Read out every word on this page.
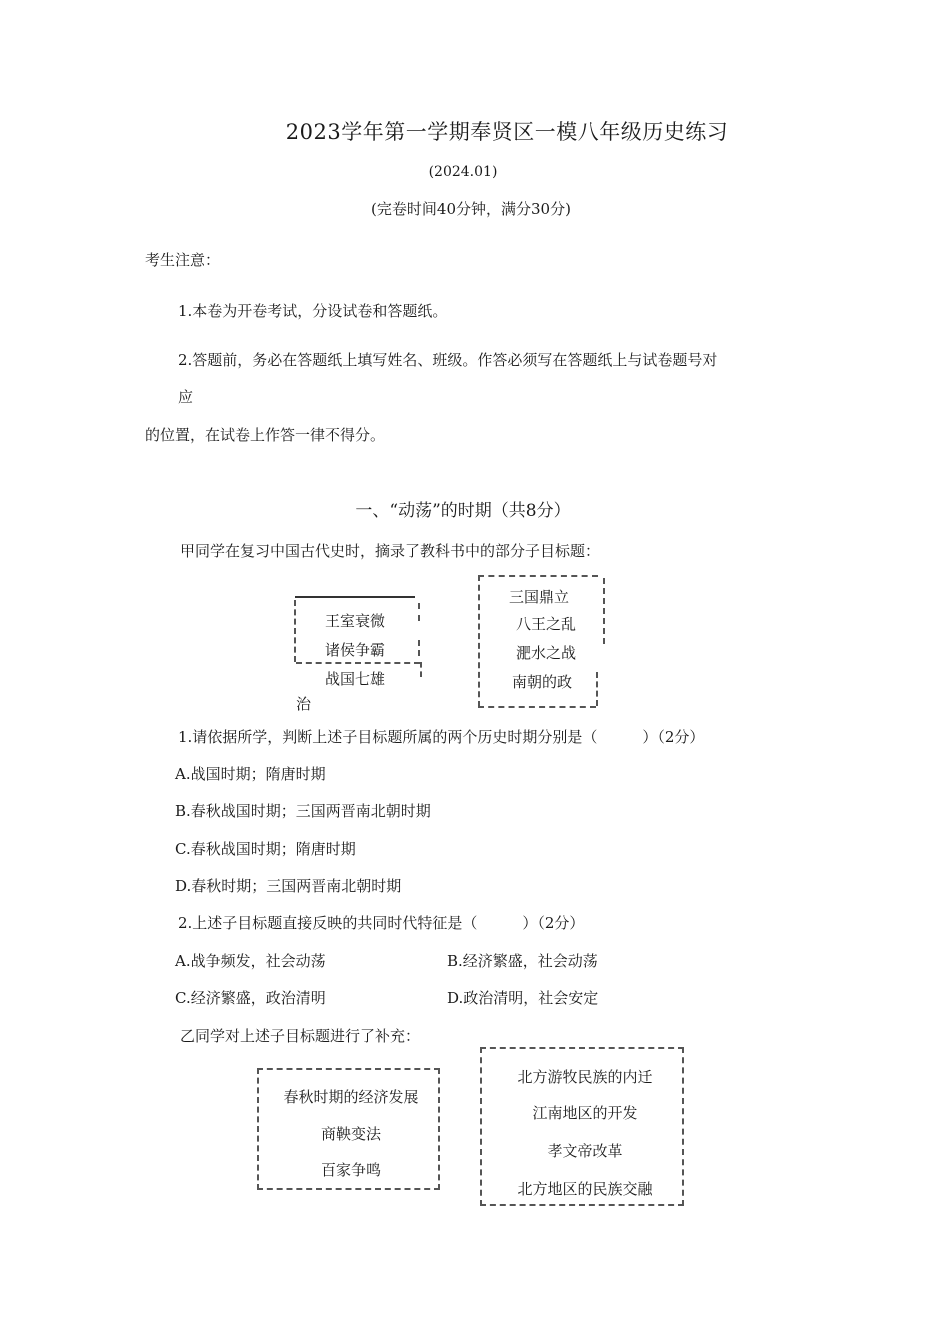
2023学年第一学期奉贤区一模八年级历史练习
(2024.01)
(完卷时间40分钟，满分30分)
考生注意：
1.本卷为开卷考试，分设试卷和答题纸。
2.答题前，务必在答题纸上填写姓名、班级。作答必须写在答题纸上与试卷题号对
应
的位置，在试卷上作答一律不得分。
一、“动荡”的时期（共8分）
甲同学在复习中国古代史时，摘录了教科书中的部分子目标题：
王室衰微
诸侯争霸
战国七雄
治
三国鼎立
八王之乱
淝水之战
南朝的政
1.请依据所学，判断上述子目标题所属的两个历史时期分别是（　　　）（2分）
A.战国时期；隋唐时期
B.春秋战国时期；三国两晋南北朝时期
C.春秋战国时期；隋唐时期
D.春秋时期；三国两晋南北朝时期
2.上述子目标题直接反映的共同时代特征是（　　　）（2分）
A.战争频发，社会动荡	B.经济繁盛，社会动荡
C.经济繁盛，政治清明	D.政治清明，社会安定
乙同学对上述子目标题进行了补充：
春秋时期的经济发展
商鞅变法
百家争鸣
北方游牧民族的内迁
江南地区的开发
孝文帝改革
北方地区的民族交融
